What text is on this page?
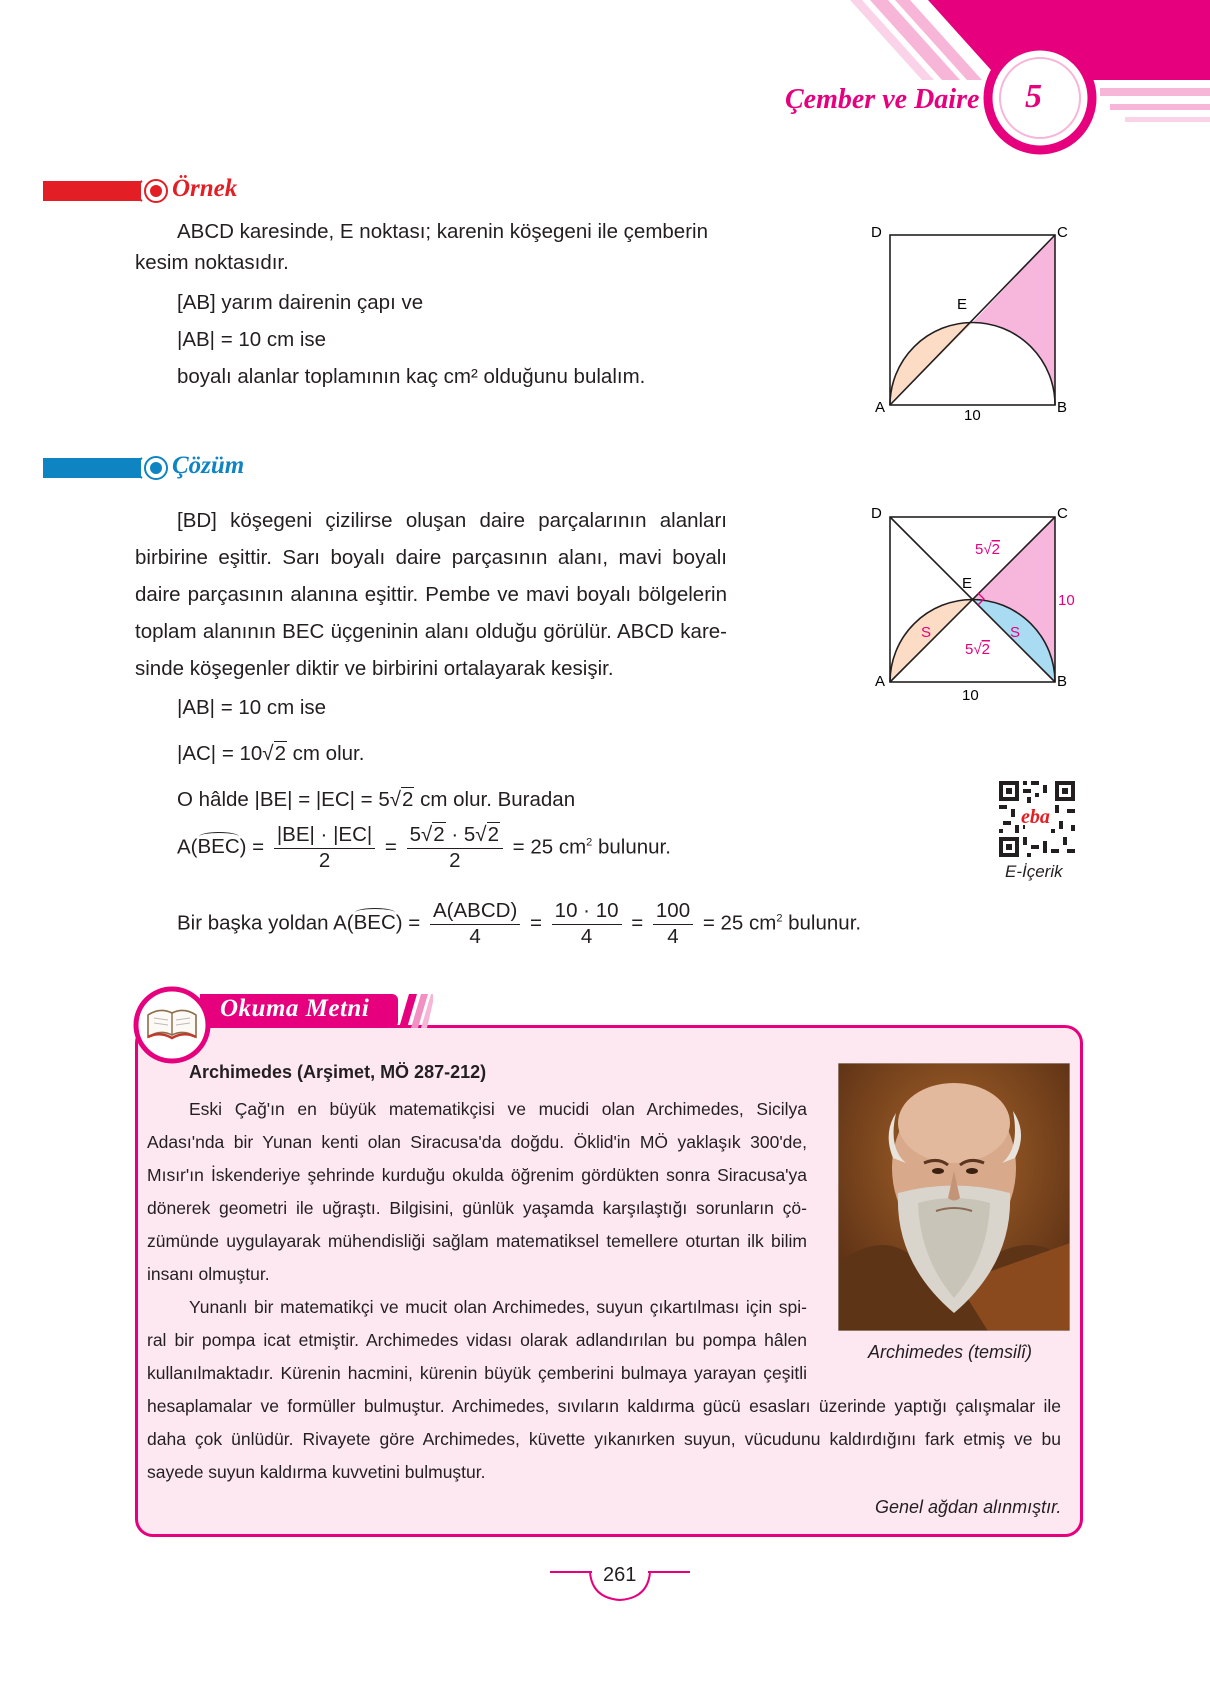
Çember ve Daire 5
Örnek
ABCD karesinde, E noktası; karenin köşegeni ile çemberin
kesim noktasıdır.
[AB] yarım dairenin çapı ve
|AB| = 10 cm ise
boyalı alanlar toplamının kaç cm² olduğunu bulalım.
D	C
E
A	B
10
Çözüm
[BD] köşegeni çizilirse oluşan daire parçalarının alanları
birbirine eşittir. Sarı boyalı daire parçasının alanı, mavi boyalı
daire parçasının alanına eşittir. Pembe ve mavi boyalı bölgelerin
toplam alanının BEC üçgeninin alanı olduğu görülür. ABCD kare-
sinde köşegenler diktir ve birbirini ortalayarak kesişir.
|AB| = 10 cm ise
|AC| = 10√2 cm olur.
O hâlde |BE| = |EC| = 5√2 cm olur. Buradan
$A(BEC) = \frac{|BE| \cdot |EC|}{2} = \frac{5√2 \cdot 5√2}{2} = 25$ $cm^2$ bulunur.
Bir başka yoldan $A(BEC) = \frac{\text{A(ABCD)}}{4} = \frac{10 \cdot 10}{4} = \frac{100}{4} = 25$ $cm^2$ bulunur.
D	C
E
A	B
10
10
5√2
5√2
S	S
eba
E-İçerik
Okuma Metni
Archimedes (Arşimet, MÖ 287-212)
Eski Çağ'ın en büyük matematikçisi ve mucidi olan Archimedes, Sicilya
Adası'nda bir Yunan kenti olan Siracusa'da doğdu. Öklid'in MÖ yaklaşık 300'de,
Mısır'ın İskenderiye şehrinde kurduğu okulda öğrenim gördükten sonra Siracusa'ya
dönerek geometri ile uğraştı. Bilgisini, günlük yaşamda karşılaştığı sorunların çö-
zümünde uygulayarak mühendisliği sağlam matematiksel temellere oturtan ilk bilim
insanı olmuştur.
Yunanlı bir matematikçi ve mucit olan Archimedes, suyun çıkartılması için spi-
ral bir pompa icat etmiştir. Archimedes vidası olarak adlandırılan bu pompa hâlen
kullanılmaktadır. Kürenin hacmini, kürenin büyük çemberini bulmaya yarayan çeşitli
hesaplamalar ve formüller bulmuştur. Archimedes, sıvıların kaldırma gücü esasları üzerinde yaptığı çalışmalar ile
daha çok ünlüdür. Rivayete göre Archimedes, küvette yıkanırken suyun, vücudunu kaldırdığını fark etmiş ve bu
sayede suyun kaldırma kuvvetini bulmuştur.
Archimedes (temsilî)
Genel ağdan alınmıştır.
261
